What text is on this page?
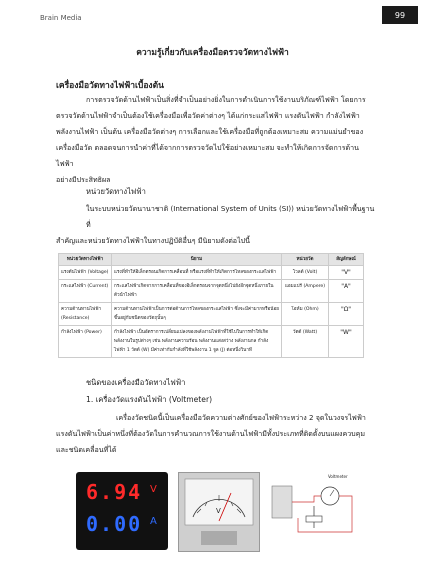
Brain Media	99
ความรู้เกี่ยวกับเครื่องมือตรวจวัดทางไฟฟ้า
เครื่องมือวัดทางไฟฟ้าเบื้องต้น
การตรวจวัดด้านไฟฟ้าเป็นสิ่งที่จำเป็นอย่างยิ่งในการดำเนินการใช้งานบริภัณฑ์ไฟฟ้า โดยการ
ตรวจวัดด้านไฟฟ้าจำเป็นต้องใช้เครื่องมือเพื่อวัดค่าต่างๆ ได้แก่กระแสไฟฟ้า แรงดันไฟฟ้า กำลังไฟฟ้า
พลังงานไฟฟ้า เป็นต้น เครื่องมือวัดต่างๆ การเลือกและใช้เครื่องมือที่ถูกต้องเหมาะสม ความแม่นยำของ
เครื่องมือวัด ตลอดจนการนำค่าที่ได้จากการตรวจวัดไปใช้อย่างเหมาะสม จะทำให้เกิดการจัดการด้านไฟฟ้า
อย่างมีประสิทธิผล
หน่วยวัดทางไฟฟ้า
ในระบบหน่วยวัดนานาชาติ (International System of Units (SI)) หน่วยวัดทางไฟฟ้าพื้นฐานที่
สำคัญและหน่วยวัดทางไฟฟ้าในทางปฏิบัติอื่นๆ มีนิยามดังต่อไปนี้
หน่วยวัดทางไฟฟ้า	นิยาม	หน่วยวัด	สัญลักษณ์
แรงดันไฟฟ้า (Voltage)	แรงที่ทำให้อิเล็กตรอนเกิดการเคลื่อนที่ หรือแรงที่ทำให้เกิดการไหลของกระแสไฟฟ้า	โวลต์ (Volt)	"V"
กระแสไฟฟ้า (Current)	กระแสไฟฟ้าเกิดจากการเคลื่อนที่ของอิเล็กตรอนจากจุดหนึ่งไปยังอีกจุดหนึ่งภายในตัวนำไฟฟ้า	แอมแปร์ (Ampere)	"A"
ความต้านทานไฟฟ้า (Resistance)	ความต้านทานไฟฟ้าเป็นการต่อต้านการไหลของกระแสไฟฟ้า ซึ่งจะมีค่ามากหรือน้อยขึ้นอยู่กับชนิดของวัตถุนั้นๆ	โอห์ม (Ohm)	"Ω"
กำลังไฟฟ้า (Power)	กำลังไฟฟ้า เป็นอัตราการเปลี่ยนแปลงของพลังงานไฟฟ้าที่ใช้ไปในการทำให้เกิดพลังงานในรูปต่างๆ เช่น พลังงานความร้อน พลังงานแสงสว่าง พลังงานกล กำลังไฟฟ้า 1 วัตต์ (W) มีค่าเท่ากับกำลังที่ใช้พลังงาน 1 จูล (J) ต่อหนึ่งวินาที	วัตต์ (Watt)	"W"
ชนิดของเครื่องมือวัดทางไฟฟ้า
1. เครื่องวัดแรงดันไฟฟ้า (Voltmeter)
เครื่องวัดชนิดนี้เป็นเครื่องมือวัดความต่างศักย์ของไฟฟ้าระหว่าง 2 จุดในวงจรไฟฟ้า
แรงดันไฟฟ้าเป็นค่าหนึ่งที่ต้องวัดในการคำนวณการใช้งานด้านไฟฟ้ามีทั้งประเภทที่ติดตั้งบนแผงควบคุม
และชนิดเคลื่อนที่ได้
6.94 V
0.00 A
V
Voltmeter
